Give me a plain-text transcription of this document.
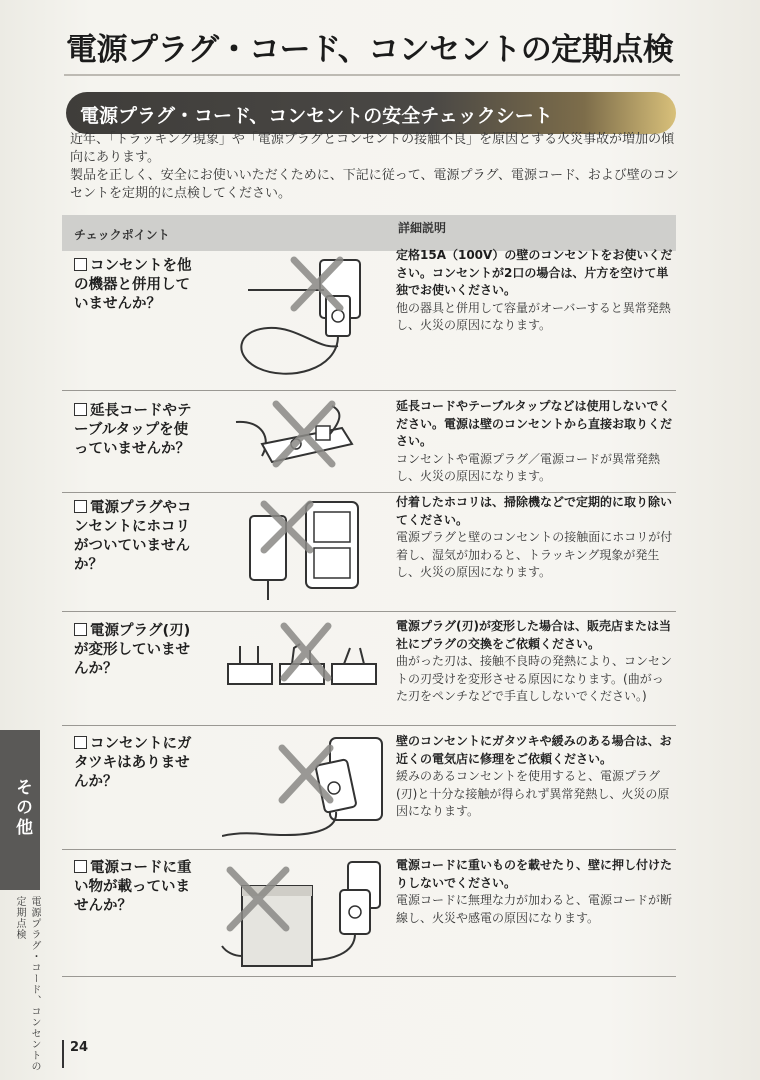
電源プラグ・コード、コンセントの定期点検
電源プラグ・コード、コンセントの安全チェックシート

近年、「トラッキング現象」や「電源プラグとコンセントの接触不良」を原因とする火災事故が増加の傾向にあります。

製品を正しく、安全にお使いいただくために、下記に従って、電源プラグ、電源コード、および壁のコンセントを定期的に点検してください。

チェックポイント	詳細説明
コンセントを他の機器と併用していませんか？
定格15A（100V）の壁のコンセントをお使いください。コンセントが2口の場合は、片方を空けて単独でお使いください。
他の器具と併用して容量がオーバーすると異常発熱し、火災の原因になります。
延長コードやテーブルタップを使っていませんか？
延長コードやテーブルタップなどは使用しないでください。電源は壁のコンセントから直接お取りください。
コンセントや電源プラグ／電源コードが異常発熱し、火災の原因になります。
電源プラグやコンセントにホコリがついていませんか？
付着したホコリは、掃除機などで定期的に取り除いてください。
電源プラグと壁のコンセントの接触面にホコリが付着し、湿気が加わると、トラッキング現象が発生し、火災の原因になります。
電源プラグ(刃)が変形していませんか？
電源プラグ(刃)が変形した場合は、販売店または当社にプラグの交換をご依頼ください。
曲がった刃は、接触不良時の発熱により、コンセントの刃受けを変形させる原因になります。(曲がった刃をペンチなどで手直ししないでください。)
コンセントにガタツキはありませんか？
壁のコンセントにガタツキや緩みのある場合は、お近くの電気店に修理をご依頼ください。
緩みのあるコンセントを使用すると、電源プラグ(刃)と十分な接触が得られず異常発熱し、火災の原因になります。
電源コードに重い物が載っていませんか？
電源コードに重いものを載せたり、壁に押し付けたりしないでください。
電源コードに無理な力が加わると、電源コードが断線し、火災や感電の原因になります。
その他
電源プラグ・コード、コンセントの定期点検
24
